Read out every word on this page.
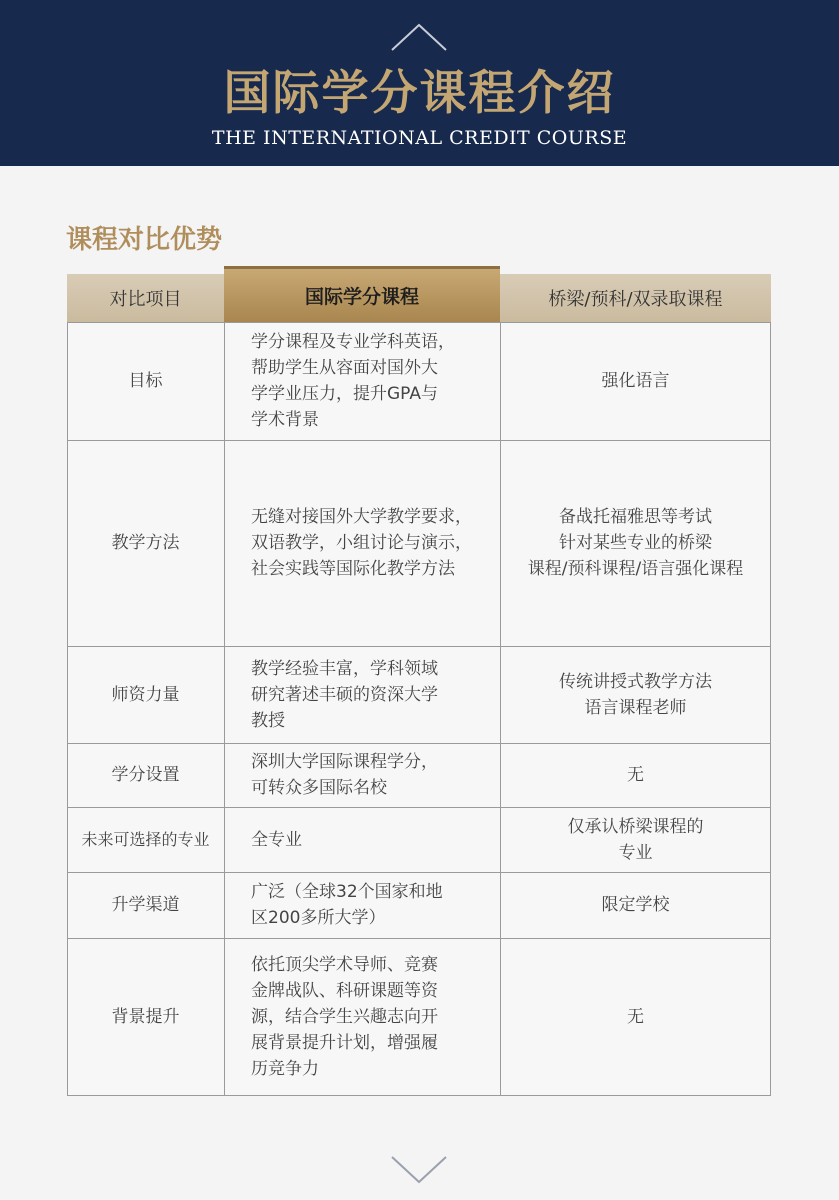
国际学分课程介绍
THE INTERNATIONAL CREDIT COURSE
课程对比优势
对比项目	桥梁/预科/双录取课程
国际学分课程
目标
学分课程及专业学科英语，
帮助学生从容面对国外大
学学业压力，提升GPA与
学术背景
强化语言
教学方法
无缝对接国外大学教学要求，
双语教学，小组讨论与演示，
社会实践等国际化教学方法
备战托福雅思等考试
针对某些专业的桥梁
课程/预科课程/语言强化课程
师资力量
教学经验丰富，学科领域
研究著述丰硕的资深大学
教授
传统讲授式教学方法
语言课程老师
学分设置
深圳大学国际课程学分，
可转众多国际名校
无
未来可选择的专业 全专业
仅承认桥梁课程的
专业
升学渠道
广泛（全球32个国家和地
区200多所大学）
限定学校
背景提升
依托顶尖学术导师、竞赛
金牌战队、科研课题等资
源，结合学生兴趣志向开
展背景提升计划，增强履
历竞争力
无
